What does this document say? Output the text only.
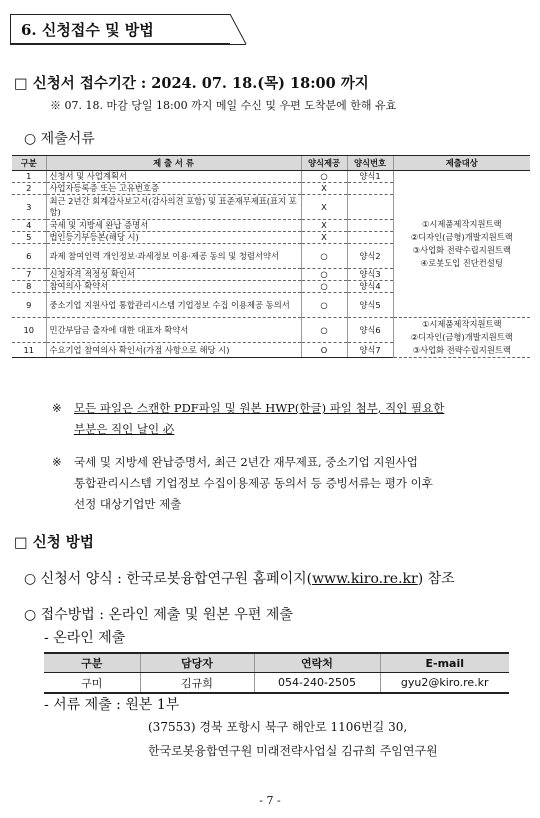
6. 신청접수 및 방법
□ 신청서 접수기간 : 2024. 07. 18.(목) 18:00 까지
※ 07. 18. 마감 당일 18:00 까지 메일 수신 및 우편 도착분에 한해 유효
○ 제출서류
구분	제 출 서 류	양식제공	양식번호	제출대상
1	신청서 및 사업계획서	○	양식1	①시제품제작지원트랙
②디자인(금형)개발지원트랙
③사업화 전략수립지원트랙
④로봇도입 진단컨설팅

2	사업자등록증 또는 고유번호증	X		
3	최근 2년간 회계감사보고서(감사의견 포함) 및 표준재무제표(표지 포함)	X		
4	국세 및 지방세 완납 증명서	X		
5	법인등기부등본(해당 시)	X		
6	과제 참여인력 개인정보·과세정보 이용·제공 동의 및 청렴서약서	○	양식2	
7	신청자격 적정성 확인서	○	양식3	
8	참여의사 확약서	○	양식4	
9	중소기업 지원사업 통합관리시스템 기업정보 수집 이용제공 동의서	○	양식5	
10	민간부담금 출자에 대한 대표자 확약서	○	양식6	①시제품제작지원트랙
②디자인(금형)개발지원트랙
③사업화 전략수립지원트랙

11	수요기업 참여의사 확인서(가점 사항으로 해당 시)	O	양식7	
※ 모든 파일은 스캔한 PDF파일 및 원본 HWP(한글) 파일 첨부, 직인 필요한
부분은 직인 날인 必
※ 국세 및 지방세 완납증명서, 최근 2년간 재무제표, 중소기업 지원사업
통합관리시스템 기업정보 수집이용제공 동의서 등 증빙서류는 평가 이후
선정 대상기업만 제출
□ 신청 방법
○ 신청서 양식 : 한국로봇융합연구원 홈페이지(www.kiro.re.kr) 참조
○ 접수방법 : 온라인 제출 및 원본 우편 제출
- 온라인 제출
구분	담당자	연락처	E-mail
구미	김규희	054-240-2505	gyu2@kiro.re.kr
- 서류 제출 : 원본 1부
(37553) 경북 포항시 북구 해안로 1106번길 30,
한국로봇융합연구원 미래전략사업실 김규희 주임연구원
- 7 -
